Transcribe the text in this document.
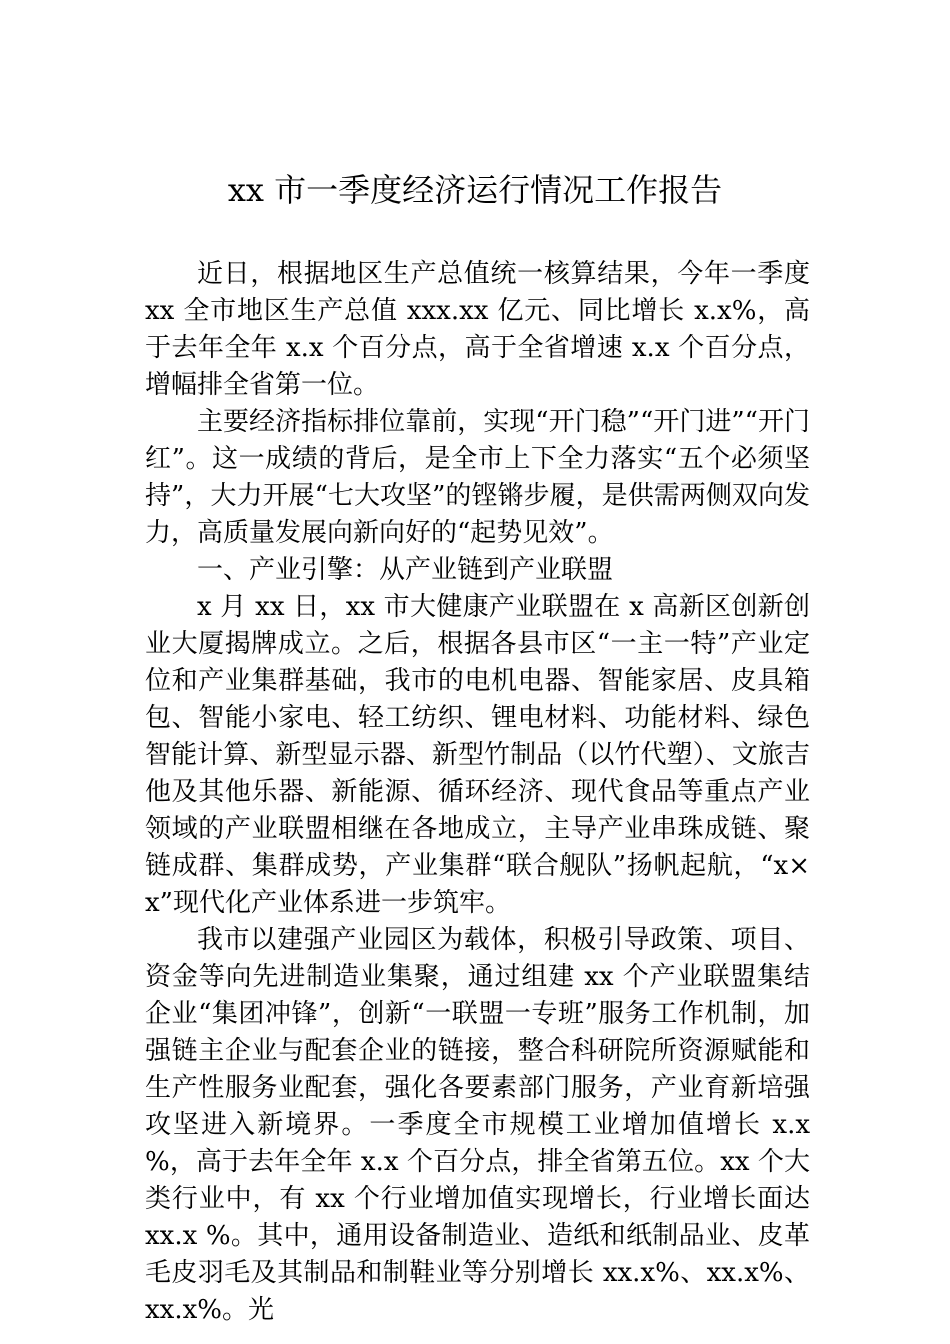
xx 市一季度经济运行情况工作报告

近日，根据地区生产总值统一核算结果，今年一季度 xx 全市地区生产总值 xxx.xx 亿元、同比增长 x.x%，高于去年全年 x.x 个百分点，高于全省增速 x.x 个百分点，增幅排全省第一位。

主要经济指标排位靠前，实现“开门稳”“开门进”“开门红”。这一成绩的背后，是全市上下全力落实“五个必须坚持”，大力开展“七大攻坚”的铿锵步履，是供需两侧双向发力，高质量发展向新向好的“起势见效”。

一、产业引擎：从产业链到产业联盟

x 月 xx 日，xx 市大健康产业联盟在 x 高新区创新创业大厦揭牌成立。之后，根据各县市区“一主一特”产业定位和产业集群基础，我市的电机电器、智能家居、皮具箱包、智能小家电、轻工纺织、锂电材料、功能材料、绿色智能计算、新型显示器、新型竹制品（以竹代塑）、文旅吉他及其他乐器、新能源、循环经济、现代食品等重点产业领域的产业联盟相继在各地成立，主导产业串珠成链、聚链成群、集群成势，产业集群“联合舰队”扬帆起航，“x×x”现代化产业体系进一步筑牢。

我市以建强产业园区为载体，积极引导政策、项目、资金等向先进制造业集聚，通过组建 xx 个产业联盟集结企业“集团冲锋”，创新“一联盟一专班”服务工作机制，加强链主企业与配套企业的链接，整合科研院所资源赋能和生产性服务业配套，强化各要素部门服务，产业育新培强攻坚进入新境界。一季度全市规模工业增加值增长 x.x %，高于去年全年 x.x 个百分点，排全省第五位。xx 个大类行业中，有 xx 个行业增加值实现增长，行业增长面达 xx.x %。其中，通用设备制造业、造纸和纸制品业、皮革毛皮羽毛及其制品和制鞋业等分别增长 xx.x%、xx.x%、xx.x%。光
